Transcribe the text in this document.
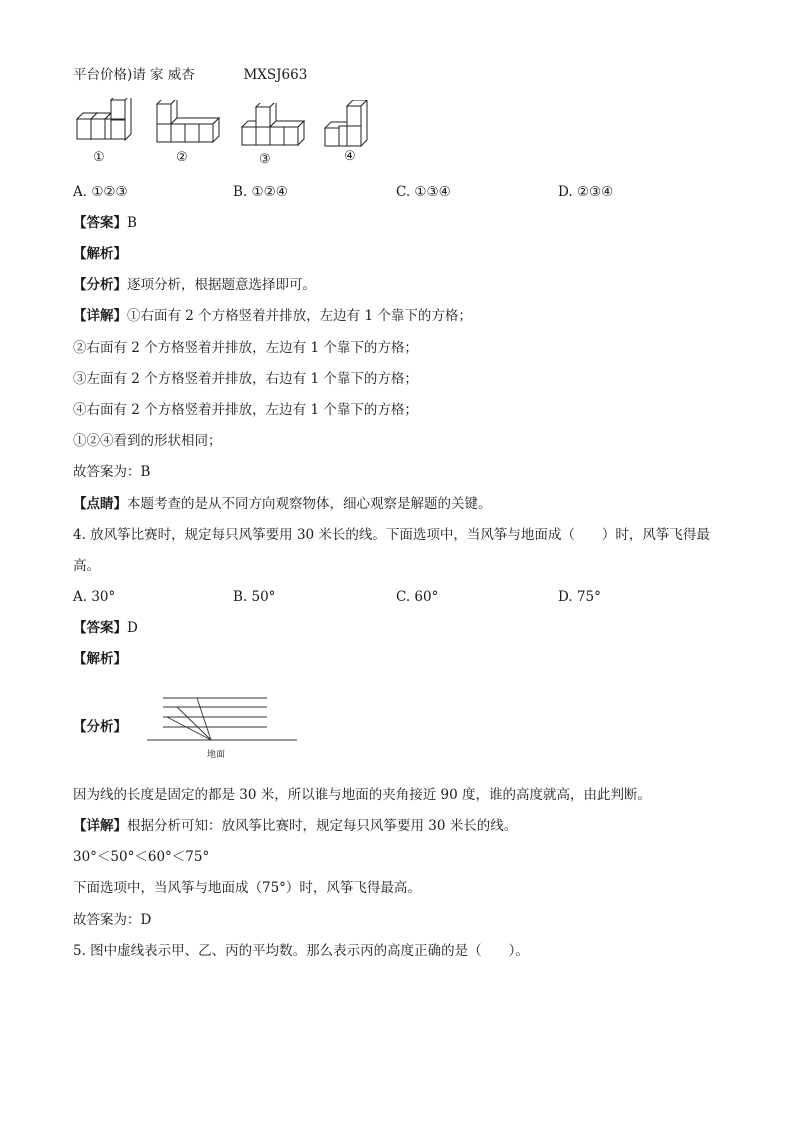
平台价格)请 家 威杏	MXSJ663
①	②	③	④
A. ①②③	B. ①②④	C. ①③④	D. ②③④
【答案】B
【解析】
【分析】逐项分析，根据题意选择即可。
【详解】①右面有 2 个方格竖着并排放，左边有 1 个靠下的方格；
②右面有 2 个方格竖着并排放，左边有 1 个靠下的方格；
③左面有 2 个方格竖着并排放，右边有 1 个靠下的方格；
④右面有 2 个方格竖着并排放，左边有 1 个靠下的方格；
①②④看到的形状相同；
故答案为：B
【点睛】本题考查的是从不同方向观察物体，细心观察是解题的关键。
4. 放风筝比赛时，规定每只风筝要用 30 米长的线。下面选项中，当风筝与地面成（　　）时，风筝飞得最
高。
A. 30°	B. 50°	C. 60°	D. 75°
【答案】D
【解析】
【分析】
地面
因为线的长度是固定的都是 30 米，所以谁与地面的夹角接近 90 度，谁的高度就高，由此判断。
【详解】根据分析可知：放风筝比赛时，规定每只风筝要用 30 米长的线。
30°＜50°＜60°＜75°
下面选项中，当风筝与地面成（75°）时，风筝飞得最高。
故答案为：D
5. 图中虚线表示甲、乙、丙的平均数。那么表示丙的高度正确的是（　　）。
